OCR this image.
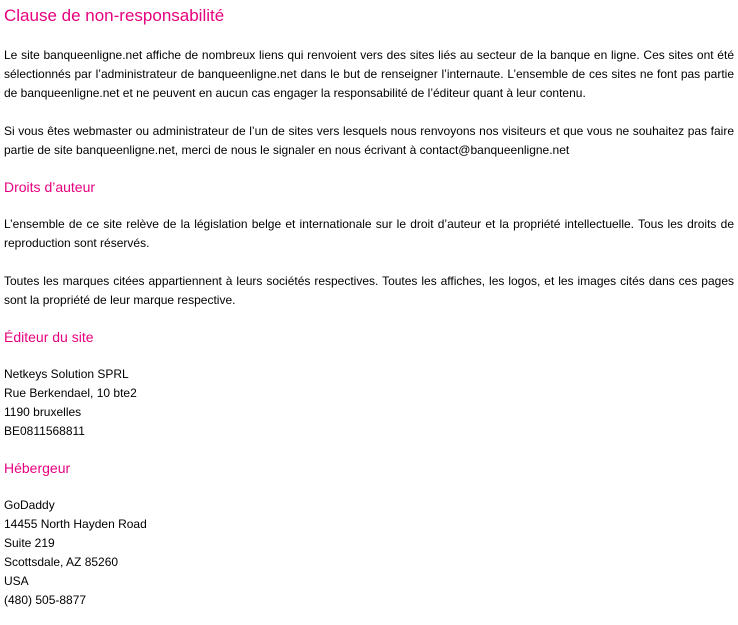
Clause de non-responsabilité

Le site banqueenligne.net affiche de nombreux liens qui renvoient vers des sites liés au secteur de la banque en ligne. Ces sites ont été sélectionnés par l’administrateur de banqueenligne.net dans le but de renseigner l’internaute. L’ensemble de ces sites ne font pas partie de banqueenligne.net et ne peuvent en aucun cas engager la responsabilité de l’éditeur quant à leur contenu.

Si vous êtes webmaster ou administrateur de l’un de sites vers lesquels nous renvoyons nos visiteurs et que vous ne souhaitez pas faire partie de site banqueenligne.net, merci de nous le signaler en nous écrivant à contact@banqueenligne.net

Droits d’auteur

L’ensemble de ce site relève de la législation belge et internationale sur le droit d’auteur et la propriété intellectuelle. Tous les droits de reproduction sont réservés.

Toutes les marques citées appartiennent à leurs sociétés respectives. Toutes les affiches, les logos, et les images cités dans ces pages sont la propriété de leur marque respective.

Éditeur du site
Netkeys Solution SPRL
Rue Berkendael, 10 bte2
1190 bruxelles
BE0811568811
Hébergeur
GoDaddy
14455 North Hayden Road
Suite 219
Scottsdale, AZ 85260
USA
(480) 505-8877
